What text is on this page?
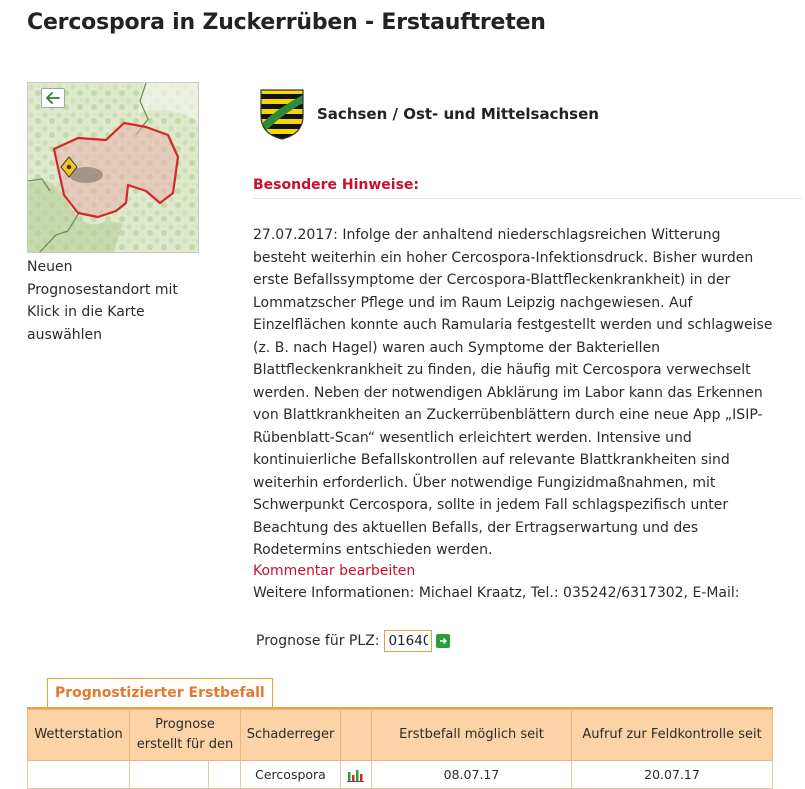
Cercospora in Zuckerrüben - Erstauftreten
Neuen Prognosestandort mit Klick in die Karte auswählen
Sachsen / Ost- und Mittelsachsen
Besondere Hinweise:

27.07.2017: Infolge der anhaltend niederschlagsreichen Witterung besteht weiterhin ein hoher Cercospora-Infektionsdruck. Bisher wurden erste Befallssymptome der Cercospora-Blattfleckenkrankheit) in der Lommatzscher Pflege und im Raum Leipzig nachgewiesen. Auf Einzelflächen konnte auch Ramularia festgestellt werden und schlagweise (z. B. nach Hagel) waren auch Symptome der Bakteriellen Blattfleckenkrankheit zu finden, die häufig mit Cercospora verwechselt werden. Neben der notwendigen Abklärung im Labor kann das Erkennen von Blattkrankheiten an Zuckerrübenblättern durch eine neue App „ISIP-Rübenblatt-Scan“ wesentlich erleichtert werden. Intensive und kontinuierliche Befallskontrollen auf relevante Blattkrankheiten sind weiterhin erforderlich. Über notwendige Fungizidmaßnahmen, mit Schwerpunkt Cercospora, sollte in jedem Fall schlagspezifisch unter Beachtung des aktuellen Befalls, der Ertragserwartung und des Rodetermins entschieden werden.

Kommentar bearbeiten
Weitere Informationen: Michael Kraatz, Tel.: 035242/6317302, E-Mail:
Prognose für PLZ:
01640
Prognostizierter Erstbefall
Wetterstation	Prognose erstellt für den		Schaderreger		Erstbefall möglich seit	Aufruf zur Feldkontrolle seit
			Cercospora		08.07.17	20.07.17
